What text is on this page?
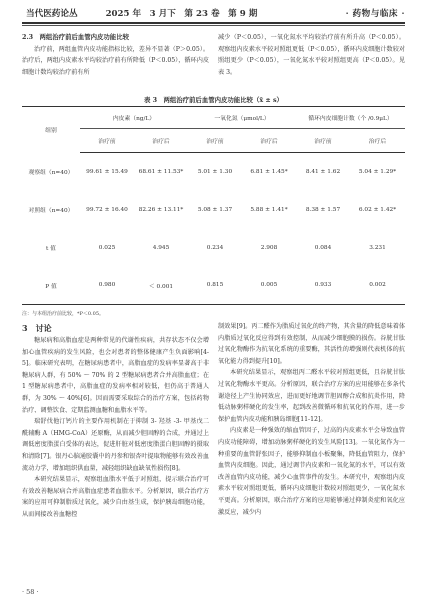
当代医药论丛	2025 年　3 月下　第 23 卷　第 9 期	· 药物与临床 ·
2.3　两组治疗前后血管内皮功能比较

治疗前，两组血管内皮功能指标比较，差异不显著（P＞0.05）。治疗后，两组内皮素水平均较治疗前有所降低（P＜0.05），循环内皮细胞计数均较治疗前有所

减少（P＜0.05），一氧化氮水平均较治疗前有所升高（P＜0.05）。观察组内皮素水平较对照组更低（P＜0.05），循环内皮细胞计数较对照组更少（P＜0.05），一氧化氮水平较对照组更高（P＜0.05）。见表 3。

表 3　两组治疗前后血管内皮功能比较（x̄ ± s）
组别	内皮素（ng/L）		一氧化氮（μmol/L）		循环内皮细胞计数（个 /0.9μL）	
	治疗前	治疗后	治疗前	治疗后	治疗前	治疗后
观察组（n=40）	99.61 ± 15.49	68.61 ± 11.53*	5.01 ± 1.30	6.81 ± 1.45*	8.41 ± 1.62	5.04 ± 1.29*
对照组（n=40）	99.72 ± 16.40	82.26 ± 13.11*	5.08 ± 1.37	5.88 ± 1.41*	8.38 ± 1.57	6.02 ± 1.42*
t 值	0.025	4.945	0.234	2.908	0.084	3.231
P 值	0.980	＜ 0.001	0.815	0.005	0.933	0.002
注：与本组治疗前比较，*P＜0.05。
3　讨论

糖尿病和高脂血症是两种常见的代谢性疾病，共存状态不仅会增加心血管疾病的发生风险，也会对患者的整体健康产生负面影响[4-5]。临床研究表明，在糖尿病患者中，高脂血症的发病率显著高于非糖尿病人群，有 50% ～ 70% 的 2 型糖尿病患者合并高脂血症；在 1 型糖尿病患者中，高脂血症的发病率相对较低，但仍高于普通人群，为 30% ～ 40%[6]。因而需要采取综合的治疗方案，包括药物治疗、调整饮食、定期监测血糖和血脂水平等。

瑞舒伐他汀钙片的主要作用机制在于抑制 3- 羟基 -3- 甲基戊二酰辅酶 A（HMG-CoA）还原酶，从而减少胆固醇的合成，并通过上调低密度脂蛋白受体的表达，促进肝脏对低密度脂蛋白胆固醇的摄取和清除[7]。银丹心脑通胶囊中的丹参和银杏叶提取物能够有效改善血流动力学，增加组织供血量，减轻组织缺血缺氧性损伤[8]。

本研究结果显示，观察组血脂水平低于对照组，提示联合治疗可有效改善糖尿病合并高脂血症患者血脂水平。分析原因，联合治疗方案的应用可抑制脂质过氧化，减少自由基生成，保护胰岛细胞功能，从而间接改善血糖控

制效果[9]。丙二醛作为脂质过氧化的终产物，其含量的降低意味着体内脂质过氧化反应得到有效控制，从而减少细胞膜的损伤。谷胱甘肽过氧化物酶作为抗氧化系统的重要酶，其活性的增强则代表机体的抗氧化能力得到提升[10]。

本研究结果显示，观察组丙二醛水平较对照组更低，且谷胱甘肽过氧化物酶水平更高。分析原因，联合治疗方案的应用能够在多条代谢途径上产生协同效应，进而更好地调节胆固醇合成和抗炎作用，降低动脉粥样硬化的发生率，起到改善微循环和抗氧化的作用，进一步保护血管内皮功能和胰岛细胞[11-12]。

内皮素是一种强效的缩血管因子，过高的内皮素水平会导致血管内皮功能障碍，增加动脉粥样硬化的发生风险[13]。一氧化氮作为一种重要的血管舒张因子，能够抑制血小板聚集，降低血管阻力，保护血管内皮细胞。因此，通过调节内皮素和一氧化氮的水平，可以有效改善血管内皮功能，减少心血管事件的发生。本研究中，观察组内皮素水平较对照组更低，循环内皮细胞计数较对照组更少，一氧化氮水平更高。分析原因，联合治疗方案的应用能够通过抑制炎症和氧化应激反应，减少内

· 58 ·
